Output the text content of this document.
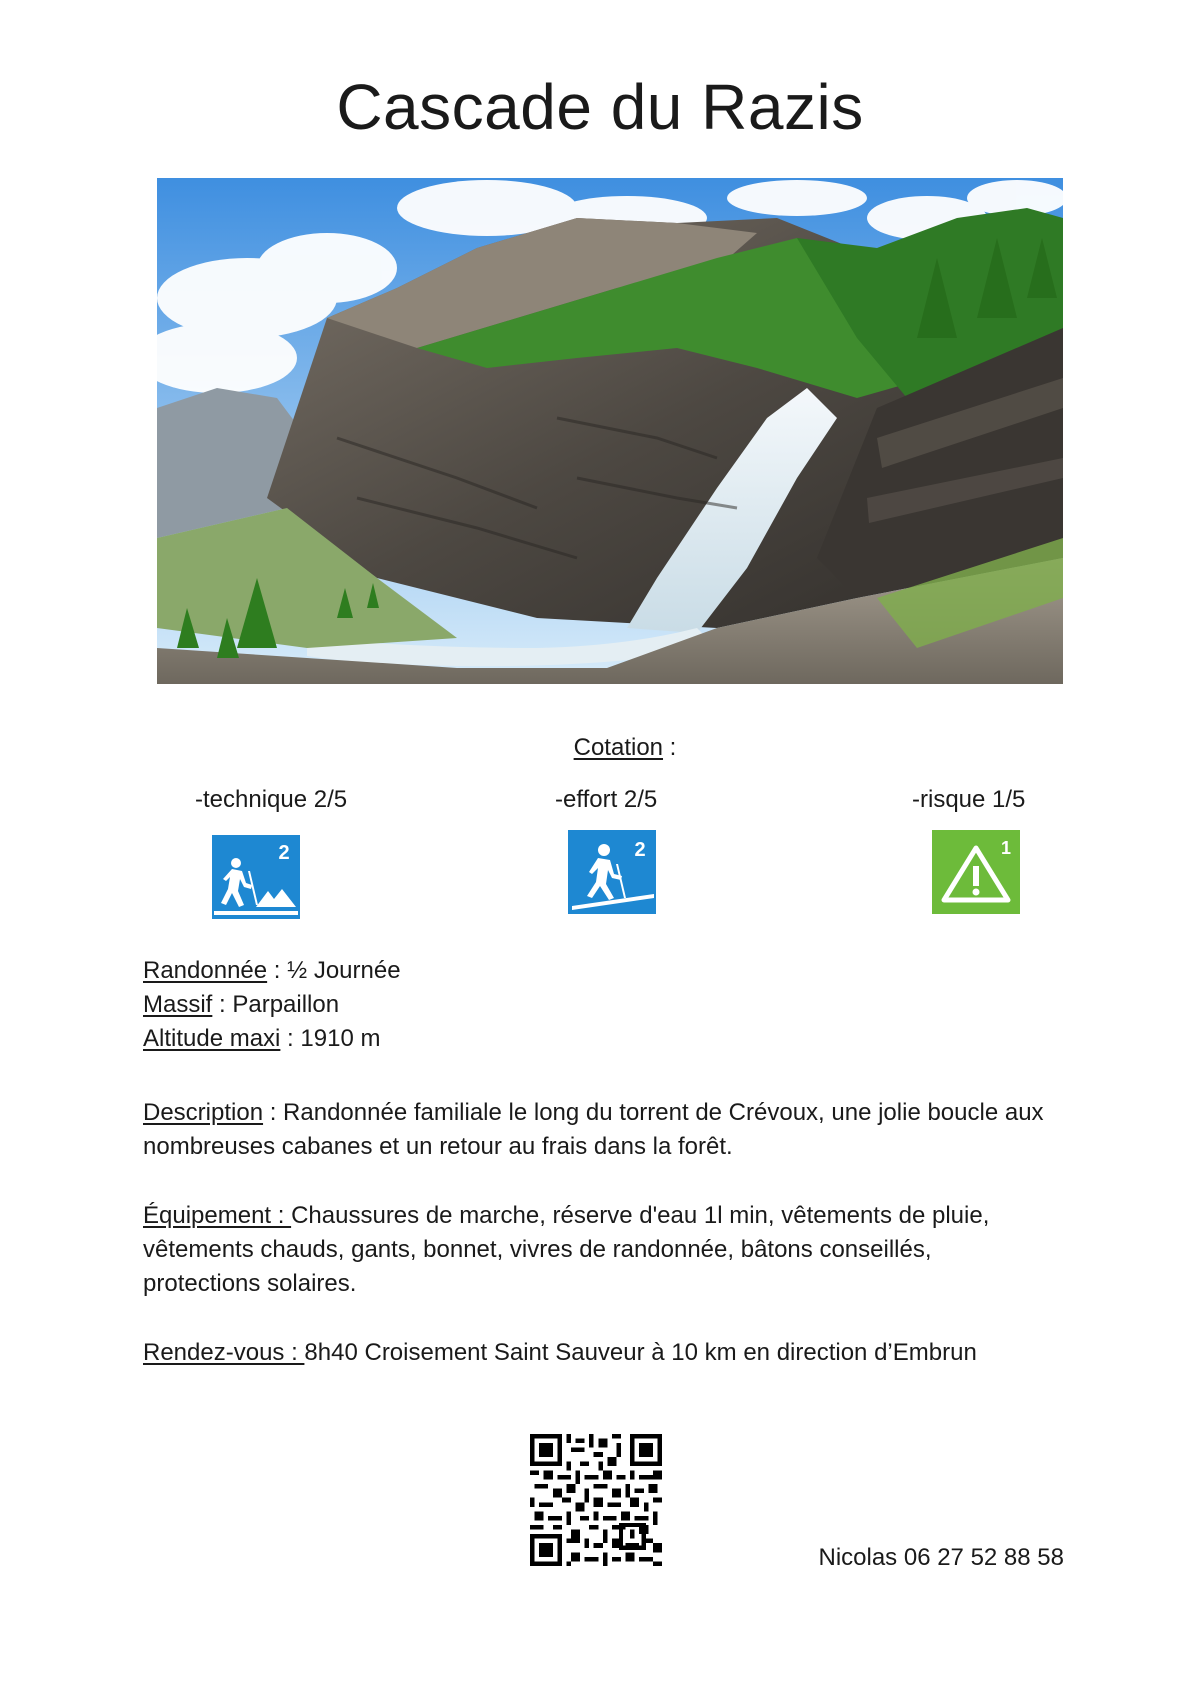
Cascade du Razis
Cotation :
-technique 2/5
2
-effort 2/5
2
-risque 1/5
1
Randonnée : ½ Journée
Massif : Parpaillon
Altitude maxi : 1910 m
Description : Randonnée familiale le long du torrent de Crévoux, une jolie boucle aux nombreuses cabanes et un retour au frais dans la forêt.
Équipement : Chaussures de marche, réserve d'eau 1l min, vêtements de pluie, vêtements chauds, gants, bonnet, vivres de randonnée, bâtons conseillés, protections solaires.
Rendez-vous : 8h40 Croisement Saint Sauveur à 10 km en direction d’Embrun
Nicolas 06 27 52 88 58
